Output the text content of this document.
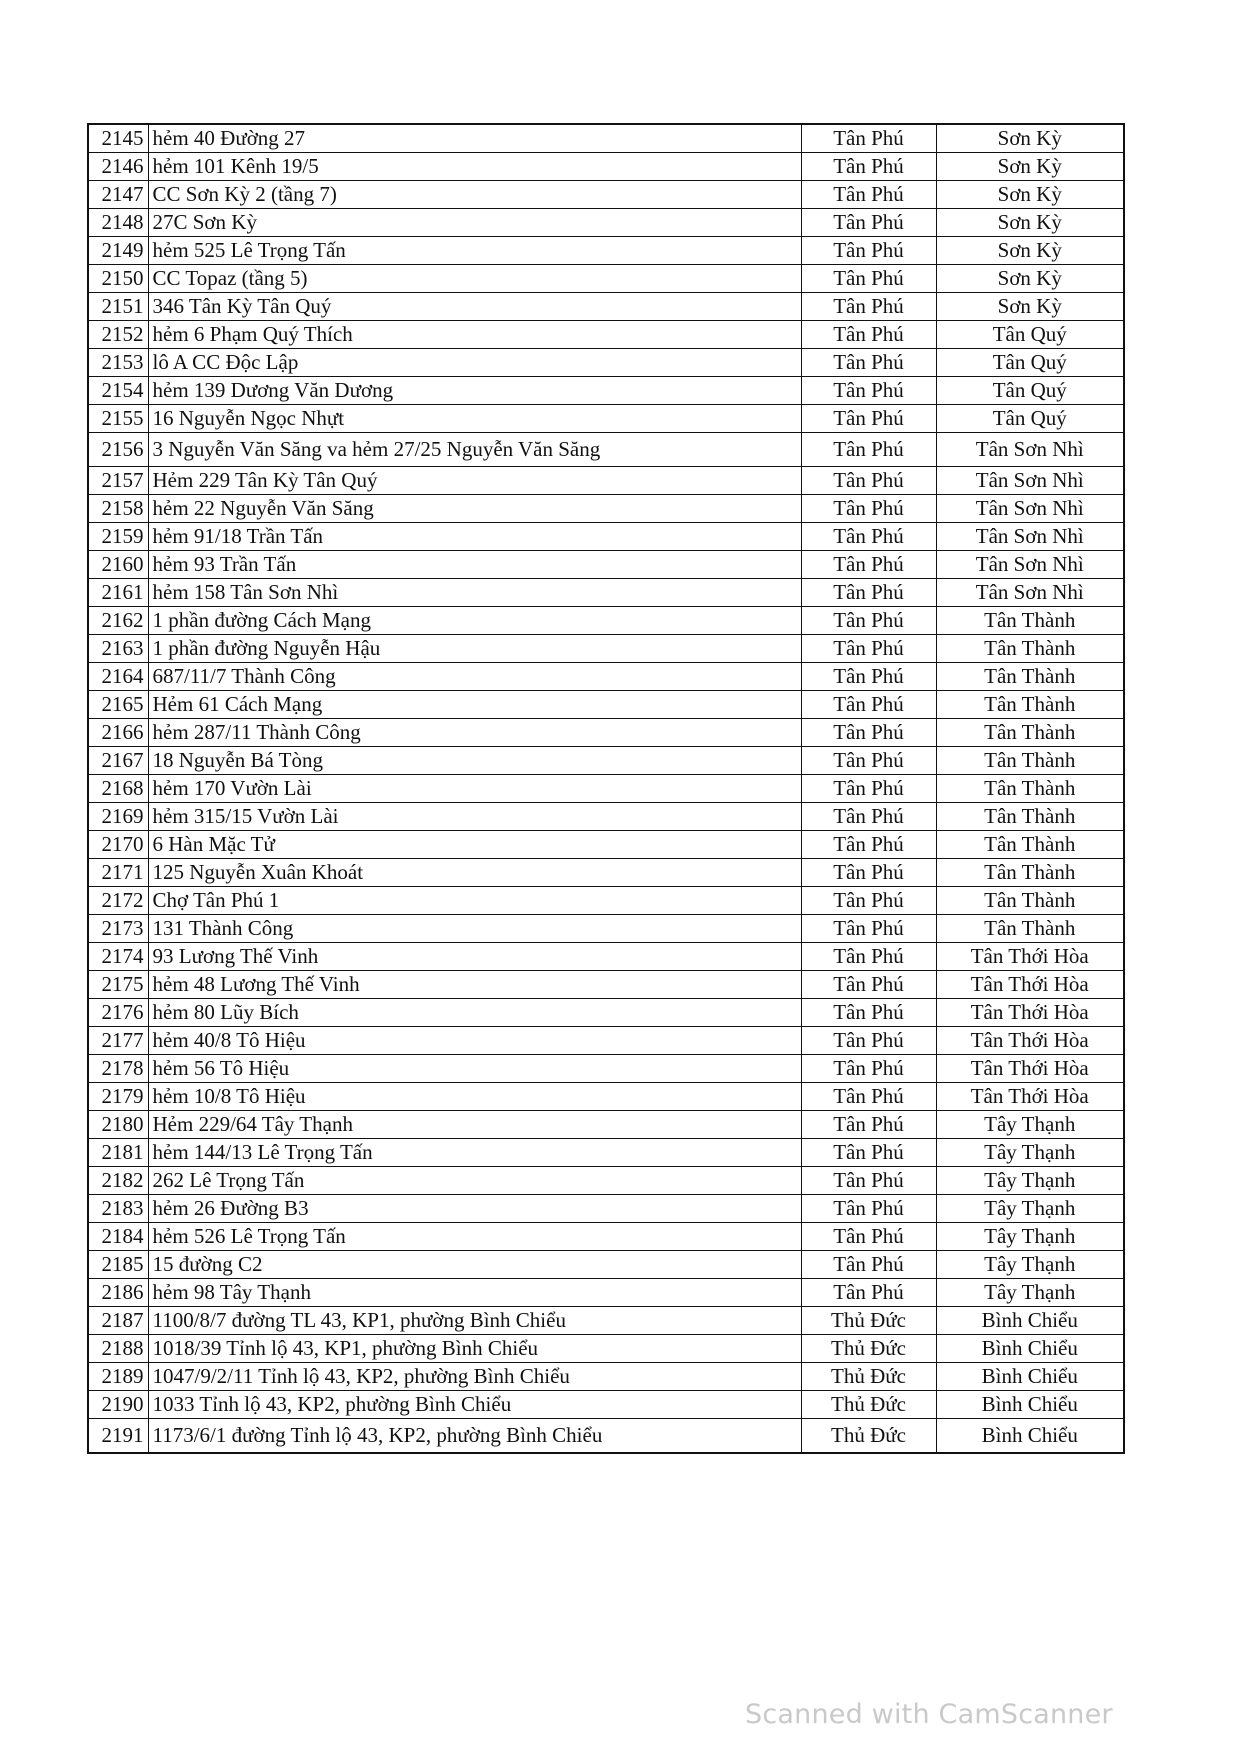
2145	hẻm 40 Đường 27	Tân Phú	Sơn Kỳ
2146	hẻm 101 Kênh 19/5	Tân Phú	Sơn Kỳ
2147	CC Sơn Kỳ 2 (tầng 7)	Tân Phú	Sơn Kỳ
2148	27C Sơn Kỳ	Tân Phú	Sơn Kỳ
2149	hẻm 525 Lê Trọng Tấn	Tân Phú	Sơn Kỳ
2150	CC Topaz (tầng 5)	Tân Phú	Sơn Kỳ
2151	346 Tân Kỳ Tân Quý	Tân Phú	Sơn Kỳ
2152	hẻm 6 Phạm Quý Thích	Tân Phú	Tân Quý
2153	lô A CC Độc Lập	Tân Phú	Tân Quý
2154	hẻm 139 Dương Văn Dương	Tân Phú	Tân Quý
2155	16 Nguyễn Ngọc Nhựt	Tân Phú	Tân Quý
2156	3 Nguyễn Văn Săng va hẻm 27/25 Nguyễn Văn Săng	Tân Phú	Tân Sơn Nhì
2157	Hẻm 229 Tân Kỳ Tân Quý	Tân Phú	Tân Sơn Nhì
2158	hẻm 22 Nguyễn Văn Săng	Tân Phú	Tân Sơn Nhì
2159	hẻm 91/18 Trần Tấn	Tân Phú	Tân Sơn Nhì
2160	hẻm 93 Trần Tấn	Tân Phú	Tân Sơn Nhì
2161	hẻm 158 Tân Sơn Nhì	Tân Phú	Tân Sơn Nhì
2162	1 phần đường Cách Mạng	Tân Phú	Tân Thành
2163	1 phần đường Nguyễn Hậu	Tân Phú	Tân Thành
2164	687/11/7 Thành Công	Tân Phú	Tân Thành
2165	Hẻm 61 Cách Mạng	Tân Phú	Tân Thành
2166	hẻm 287/11 Thành Công	Tân Phú	Tân Thành
2167	18 Nguyễn Bá Tòng	Tân Phú	Tân Thành
2168	hẻm 170 Vườn Lài	Tân Phú	Tân Thành
2169	hẻm 315/15 Vườn Lài	Tân Phú	Tân Thành
2170	6 Hàn Mặc Tử	Tân Phú	Tân Thành
2171	125 Nguyễn Xuân Khoát	Tân Phú	Tân Thành
2172	Chợ Tân Phú 1	Tân Phú	Tân Thành
2173	131 Thành Công	Tân Phú	Tân Thành
2174	93 Lương Thế Vinh	Tân Phú	Tân Thới Hòa
2175	hẻm 48 Lương Thế Vinh	Tân Phú	Tân Thới Hòa
2176	hẻm 80 Lũy Bích	Tân Phú	Tân Thới Hòa
2177	hẻm 40/8 Tô Hiệu	Tân Phú	Tân Thới Hòa
2178	hẻm 56 Tô Hiệu	Tân Phú	Tân Thới Hòa
2179	hẻm 10/8 Tô Hiệu	Tân Phú	Tân Thới Hòa
2180	Hẻm 229/64 Tây Thạnh	Tân Phú	Tây Thạnh
2181	hẻm 144/13 Lê Trọng Tấn	Tân Phú	Tây Thạnh
2182	262 Lê Trọng Tấn	Tân Phú	Tây Thạnh
2183	hẻm 26 Đường B3	Tân Phú	Tây Thạnh
2184	hẻm 526 Lê Trọng Tấn	Tân Phú	Tây Thạnh
2185	15 đường C2	Tân Phú	Tây Thạnh
2186	hẻm 98 Tây Thạnh	Tân Phú	Tây Thạnh
2187	1100/8/7 đường TL 43, KP1, phường Bình Chiểu	Thủ Đức	Bình Chiểu
2188	1018/39 Tỉnh lộ 43, KP1, phường Bình Chiểu	Thủ Đức	Bình Chiểu
2189	1047/9/2/11 Tỉnh lộ 43, KP2, phường Bình Chiểu	Thủ Đức	Bình Chiểu
2190	1033 Tỉnh lộ 43, KP2, phường Bình Chiểu	Thủ Đức	Bình Chiểu
2191	1173/6/1 đường Tỉnh lộ 43, KP2, phường Bình Chiểu	Thủ Đức	Bình Chiểu
Scanned with CamScanner
